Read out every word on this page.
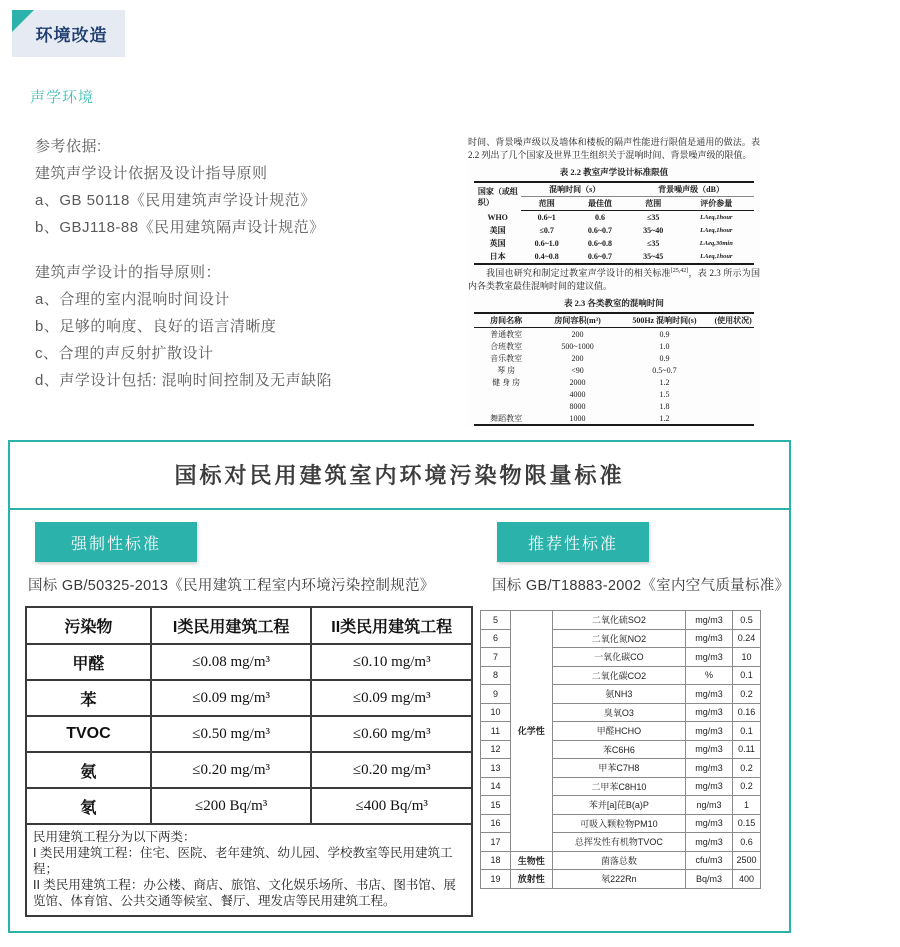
环境改造
声学环境
参考依据:
建筑声学设计依据及设计指导原则
a、GB 50118《民用建筑声学设计规范》
b、GBJ118-88《民用建筑隔声设计规范》
建筑声学设计的指导原则：
a、合理的室内混响时间设计
b、足够的响度、良好的语言清晰度
c、合理的声反射扩散设计
d、声学设计包括: 混响时间控制及无声缺陷

时间、背景噪声级以及墙体和楼板的隔声性能进行限值是通用的做法。表 2.2 列出了几个国家及世界卫生组织关于混响时间、背景噪声级的限值。

表 2.2 教室声学设计标准限值
国家（或组织）	混响时间（s）		背景噪声级（dB）	
	范围	最佳值	范围	评价参量
WHO	0.6~1	0.6	≤35	LAeq,1hour
美国	≤0.7	0.6~0.7	35~40	LAeq,1hour
英国	0.6~1.0	0.6~0.8	≤35	LAeq,30min
日本	0.4~0.8	0.6~0.7	35~45	LAeq,1hour

我国也研究和制定过教室声学设计的相关标准[25,42]，表 2.3 所示为国内各类教室最佳混响时间的建议值。

表 2.3 各类教室的混响时间
房间名称	房间容积(m³)	500Hz 混响时间(s)	(使用状况)
普通教室	200	0.9	
合班教室	500~1000	1.0	
音乐教室	200	0.9	
琴 房	<90	0.5~0.7	
健 身 房	2000	1.2	
	4000	1.5	
	8000	1.8	
舞蹈教室	1000	1.2	
国标对民用建筑室内环境污染物限量标准
强制性标准
国标 GB/50325-2013《民用建筑工程室内环境污染控制规范》
推荐性标准
国标 GB/T18883-2002《室内空气质量标准》
污染物	I类民用建筑工程	II类民用建筑工程
甲醛	≤0.08 mg/m³	≤0.10 mg/m³
苯	≤0.09 mg/m³	≤0.09 mg/m³
TVOC	≤0.50 mg/m³	≤0.60 mg/m³
氨	≤0.20 mg/m³	≤0.20 mg/m³
氡	≤200 Bq/m³	≤400 Bq/m³

民用建筑工程分为以下两类：
I 类民用建筑工程：住宅、医院、老年建筑、幼儿园、学校教室等民用建筑工程；
II 类民用建筑工程：办公楼、商店、旅馆、文化娱乐场所、书店、图书馆、展览馆、体育馆、公共交通等候室、餐厅、理发店等民用建筑工程。		
5	化学性	二氧化硫SO2	mg/m3	0.5
6		二氧化氮NO2	mg/m3	0.24
7		一氧化碳CO	mg/m3	10
8		二氧化碳CO2	%	0.1
9		氨NH3	mg/m3	0.2
10		臭氧O3	mg/m3	0.16
11		甲醛HCHO	mg/m3	0.1
12		苯C6H6	mg/m3	0.11
13		甲苯C7H8	mg/m3	0.2
14		二甲苯C8H10	mg/m3	0.2
15		苯并[a]芘B(a)P	ng/m3	1
16		可吸入颗粒物PM10	mg/m3	0.15
17		总挥发性有机物TVOC	mg/m3	0.6
18	生物性	菌落总数	cfu/m3	2500
19	放射性	氡222Rn	Bq/m3	400
